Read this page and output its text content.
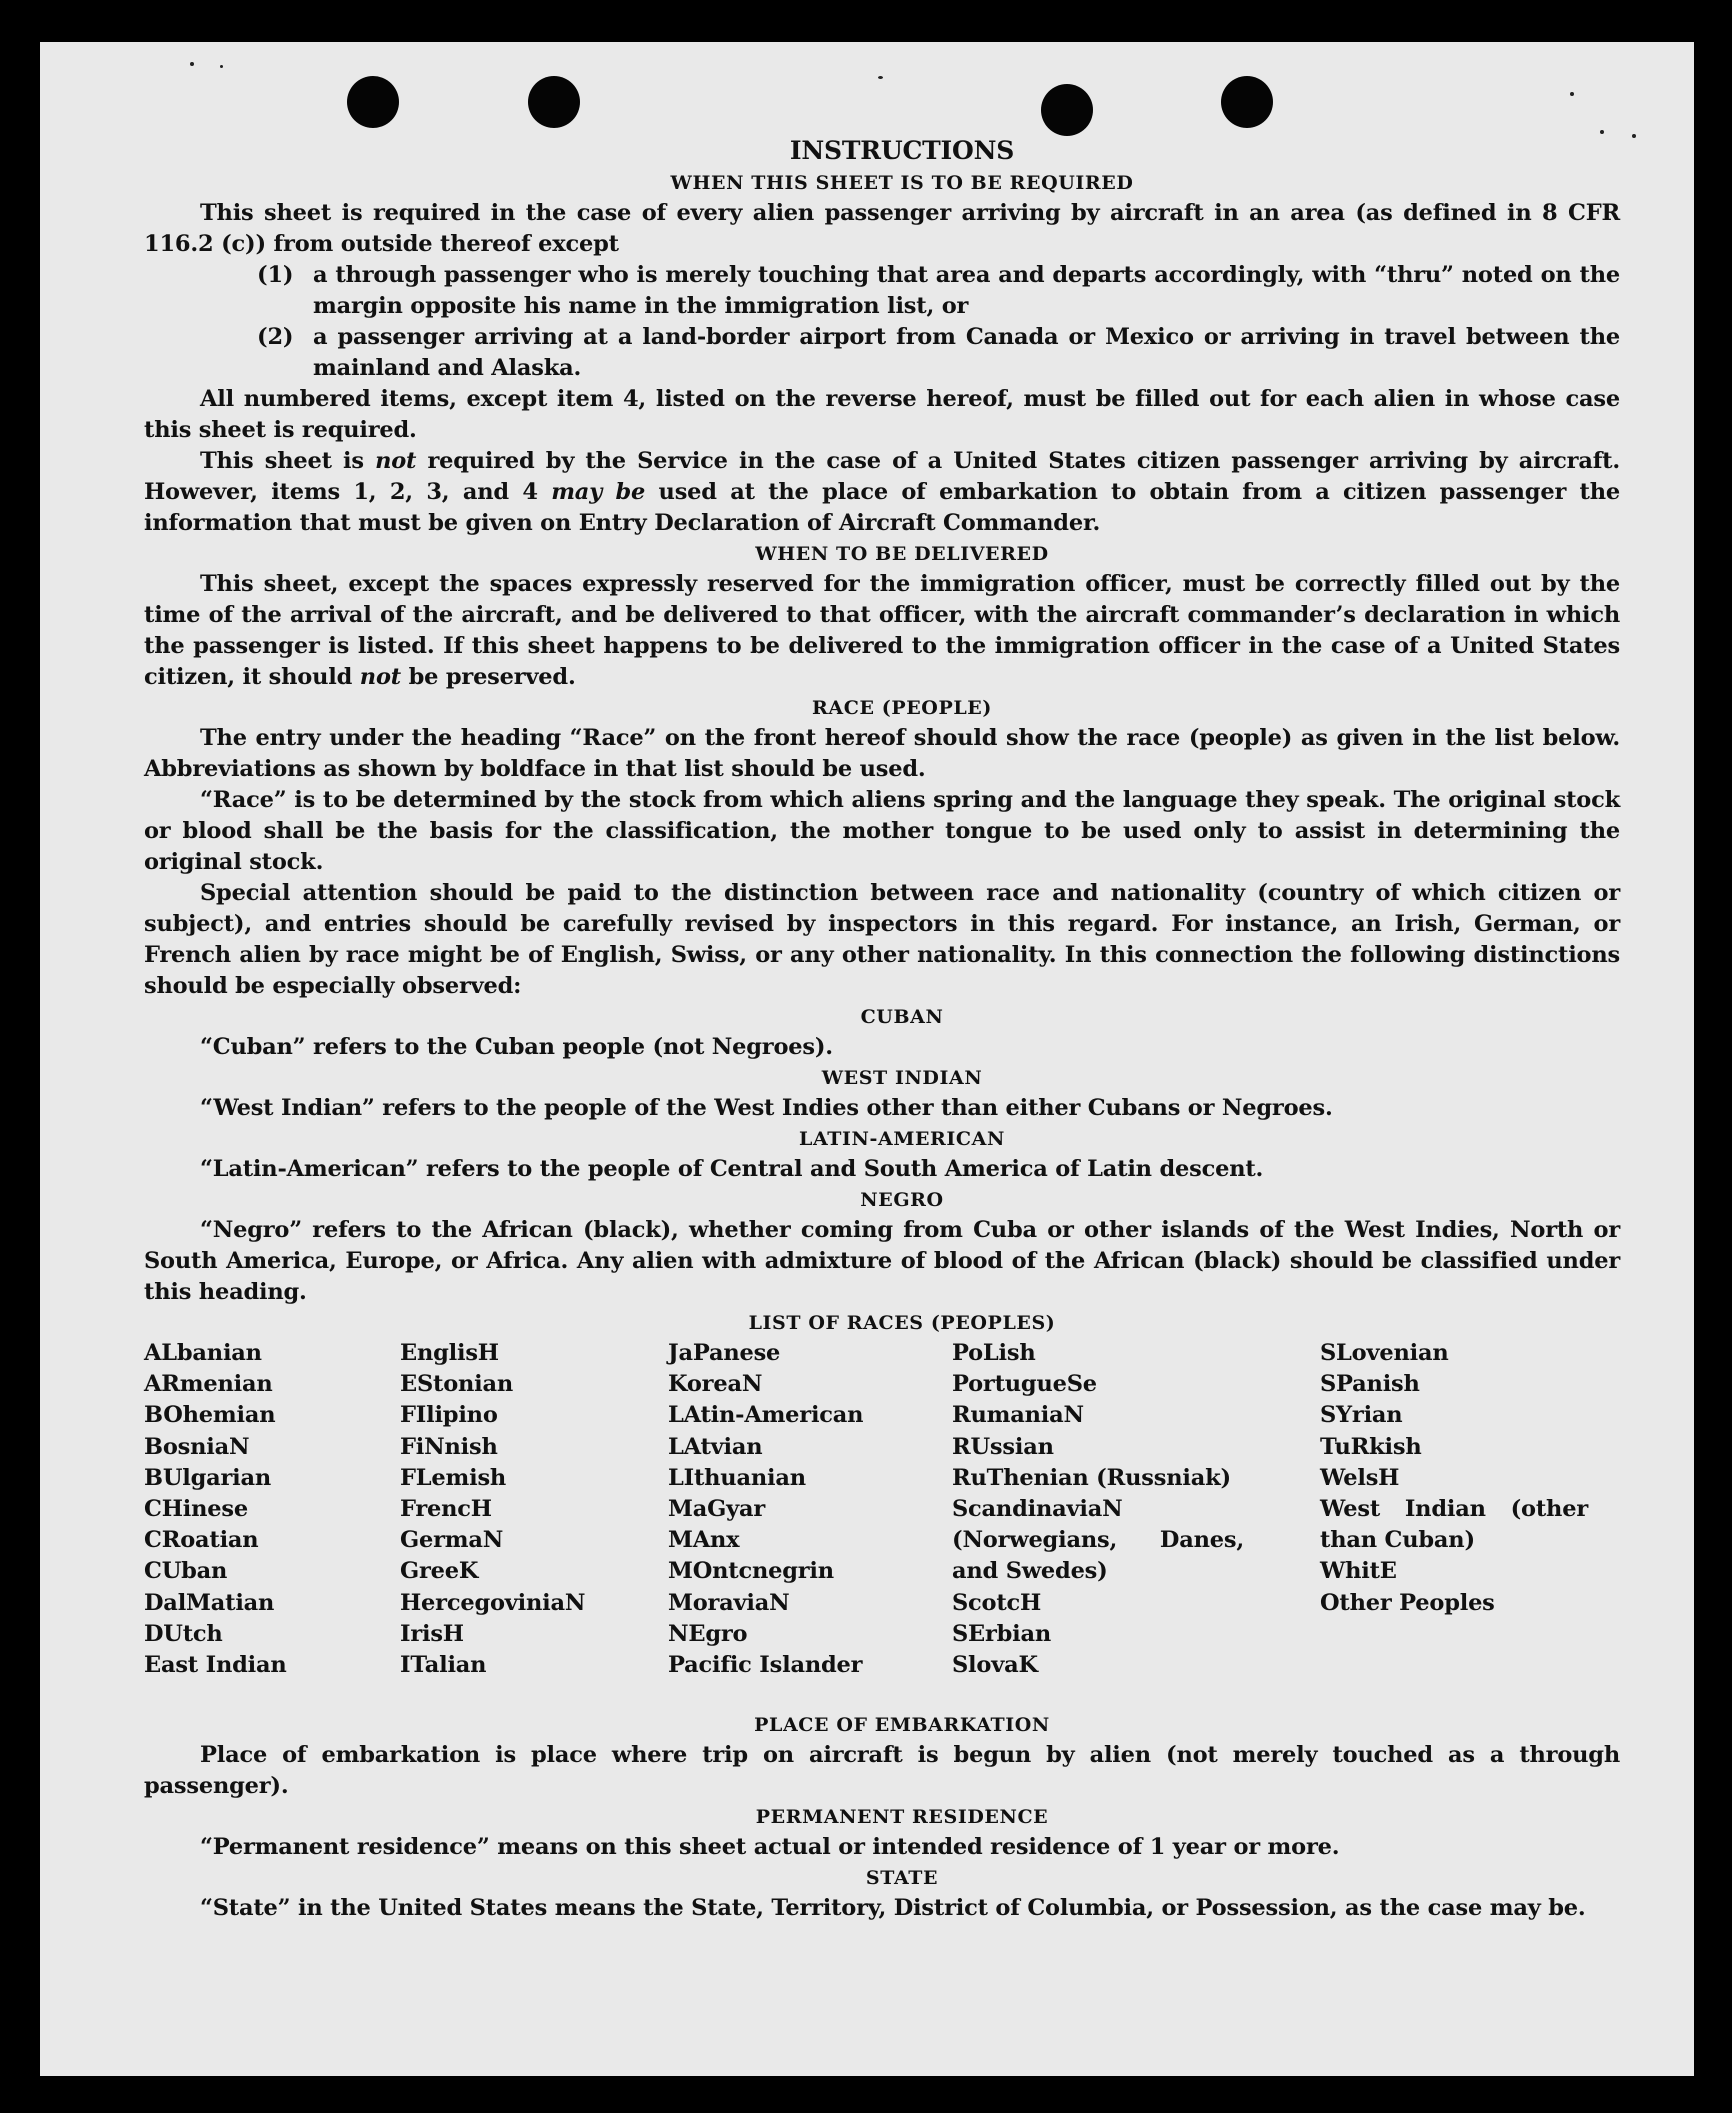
INSTRUCTIONS
WHEN THIS SHEET IS TO BE REQUIRED

This sheet is required in the case of every alien passenger arriving by aircraft in an area (as defined in 8 CFR 116.2 (c)) from outside thereof except

(1) a through passenger who is merely touching that area and departs accordingly, with “thru” noted on the margin opposite his name in the immigration list, or
(2) a passenger arriving at a land-border airport from Canada or Mexico or arriving in travel between the mainland and Alaska.

All numbered items, except item 4, listed on the reverse hereof, must be filled out for each alien in whose case this sheet is required.

This sheet is not required by the Service in the case of a United States citizen passenger arriving by aircraft. However, items 1, 2, 3, and 4 may be used at the place of embarkation to obtain from a citizen passenger the information that must be given on Entry Declaration of Aircraft Commander.

WHEN TO BE DELIVERED

This sheet, except the spaces expressly reserved for the immigration officer, must be correctly filled out by the time of the arrival of the aircraft, and be delivered to that officer, with the aircraft commander’s declaration in which the passenger is listed. If this sheet happens to be delivered to the immigration officer in the case of a United States citizen, it should not be preserved.

RACE (PEOPLE)

The entry under the heading “Race” on the front hereof should show the race (people) as given in the list below. Abbreviations as shown by boldface in that list should be used.

“Race” is to be determined by the stock from which aliens spring and the language they speak. The original stock or blood shall be the basis for the classification, the mother tongue to be used only to assist in determining the original stock.

Special attention should be paid to the distinction between race and nationality (country of which citizen or subject), and entries should be carefully revised by inspectors in this regard. For instance, an Irish, German, or French alien by race might be of English, Swiss, or any other nationality. In this connection the following distinctions should be especially observed:

CUBAN

“Cuban” refers to the Cuban people (not Negroes).

WEST INDIAN

“West Indian” refers to the people of the West Indies other than either Cubans or Negroes.

LATIN-AMERICAN

“Latin-American” refers to the people of Central and South America of Latin descent.

NEGRO

“Negro” refers to the African (black), whether coming from Cuba or other islands of the West Indies, North or South America, Europe, or Africa. Any alien with admixture of blood of the African (black) should be classified under this heading.

LIST OF RACES (PEOPLES)
ALbanian
ARmenian
BOhemian
BosniaN
BUlgarian
CHinese
CRoatian
CUban
DalMatian
DUtch
East Indian
EnglisH
EStonian
FIlipino
FiNnish
FLemish
FrencH
GermaN
GreeK
HercegoviniaN
IrisH
ITalian
JaPanese
KoreaN
LAtin-American
LAtvian
LIthuanian
MaGyar
MAnx
MOntcnegrin
MoraviaN
NEgro
Pacific Islander
PoLish
PortugueSe
RumaniaN
RUssian
RuThenian (Russniak)
ScandinaviaN (Norwegians, Danes, and Swedes)
ScotcH
SErbian
SlovaK
SLovenian
SPanish
SYrian
TuRkish
WelsH
West Indian (other than Cuban)
WhitE
Other Peoples
PLACE OF EMBARKATION

Place of embarkation is place where trip on aircraft is begun by alien (not merely touched as a through passenger).

PERMANENT RESIDENCE

“Permanent residence” means on this sheet actual or intended residence of 1 year or more.

STATE

“State” in the United States means the State, Territory, District of Columbia, or Possession, as the case may be.
